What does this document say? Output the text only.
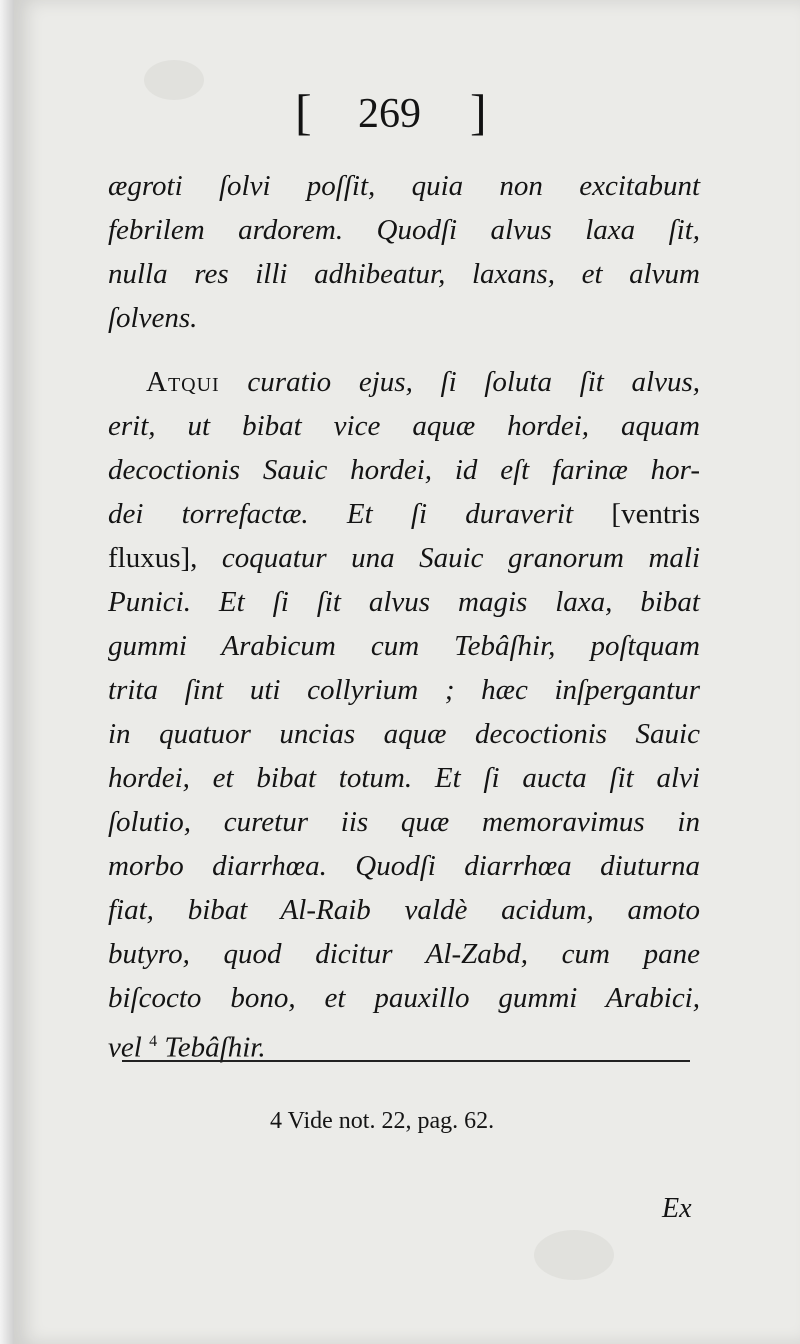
[ 269 ]
ægroti ſolvi poſſit, quia non excitabunt
febrilem ardorem. Quodſi alvus laxa ſit,
nulla res illi adhibeatur, laxans, et alvum
ſolvens.
Atqui curatio ejus, ſi ſoluta ſit alvus,
erit, ut bibat vice aquæ hordei, aquam
decoctionis Sauic hordei, id eſt farinæ hor-
dei torrefactæ. Et ſi duraverit [ventris
fluxus], coquatur una Sauic granorum mali
Punici. Et ſi ſit alvus magis laxa, bibat
gummi Arabicum cum Tebâſhir, poſtquam
trita ſint uti collyrium ; hæc inſpergantur
in quatuor uncias aquæ decoctionis Sauic
hordei, et bibat totum. Et ſi aucta ſit alvi
ſolutio, curetur iis quæ memoravimus in
morbo diarrhœa. Quodſi diarrhœa diuturna
fiat, bibat Al-Raib valdè acidum, amoto
butyro, quod dicitur Al-Zabd, cum pane
biſcocto bono, et pauxillo gummi Arabici,
vel $^4$ Tebâſhir.
4 Vide not. 22, pag. 62.
Ex
